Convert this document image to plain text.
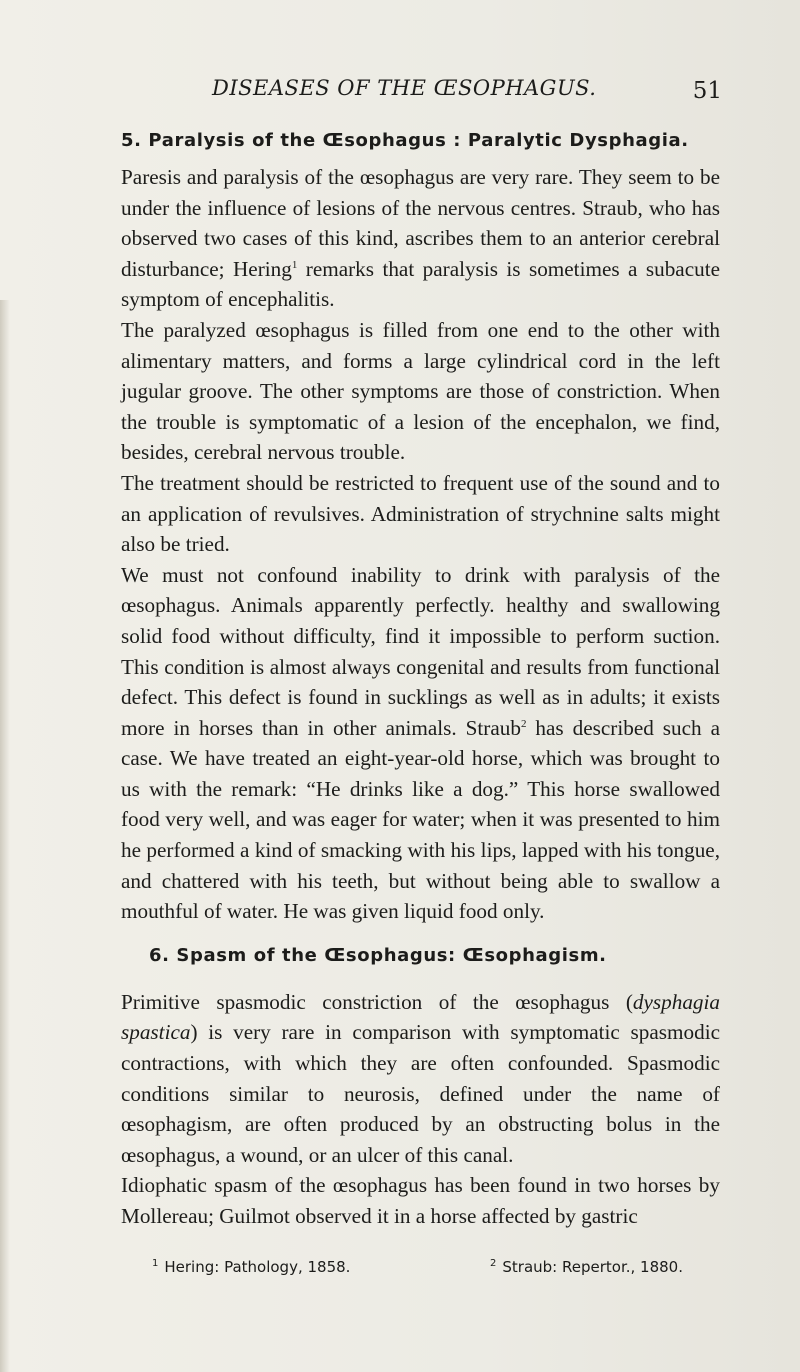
DISEASES OF THE ŒSOPHAGUS.	51
5. Paralysis of the Œsophagus : Paralytic Dysphagia.

Paresis and paralysis of the œsophagus are very rare. They seem to be under the influence of lesions of the nervous centres. Straub, who has observed two cases of this kind, ascribes them to an anterior cerebral disturbance; Hering$^1$ remarks that paralysis is sometimes a subacute symptom of encephalitis.

The paralyzed œsophagus is filled from one end to the other with alimentary matters, and forms a large cylindrical cord in the left jugular groove. The other symptoms are those of constriction. When the trouble is symptomatic of a lesion of the encephalon, we find, besides, cerebral nervous trouble.

The treatment should be restricted to frequent use of the sound and to an application of revulsives. Administration of strychnine salts might also be tried.

We must not confound inability to drink with paralysis of the œsophagus. Animals apparently perfectly. healthy and swallowing solid food without difficulty, find it impossible to perform suction. This condition is almost always congenital and results from functional defect. This defect is found in sucklings as well as in adults; it exists more in horses than in other animals. Straub$^2$ has described such a case. We have treated an eight-year-old horse, which was brought to us with the remark: “He drinks like a dog.” This horse swallowed food very well, and was eager for water; when it was presented to him he performed a kind of smacking with his lips, lapped with his tongue, and chattered with his teeth, but without being able to swallow a mouthful of water. He was given liquid food only.

6. Spasm of the Œsophagus: Œsophagism.

Primitive spasmodic constriction of the œsophagus (dysphagia spastica) is very rare in comparison with symptomatic spasmodic contractions, with which they are often confounded. Spasmodic conditions similar to neurosis, defined under the name of œsophagism, are often produced by an obstructing bolus in the œsophagus, a wound, or an ulcer of this canal.

Idiophatic spasm of the œsophagus has been found in two horses by Mollereau; Guilmot observed it in a horse affected by gastric

$^1$ Hering: Pathology, 1858.	$^2$ Straub: Repertor., 1880.
